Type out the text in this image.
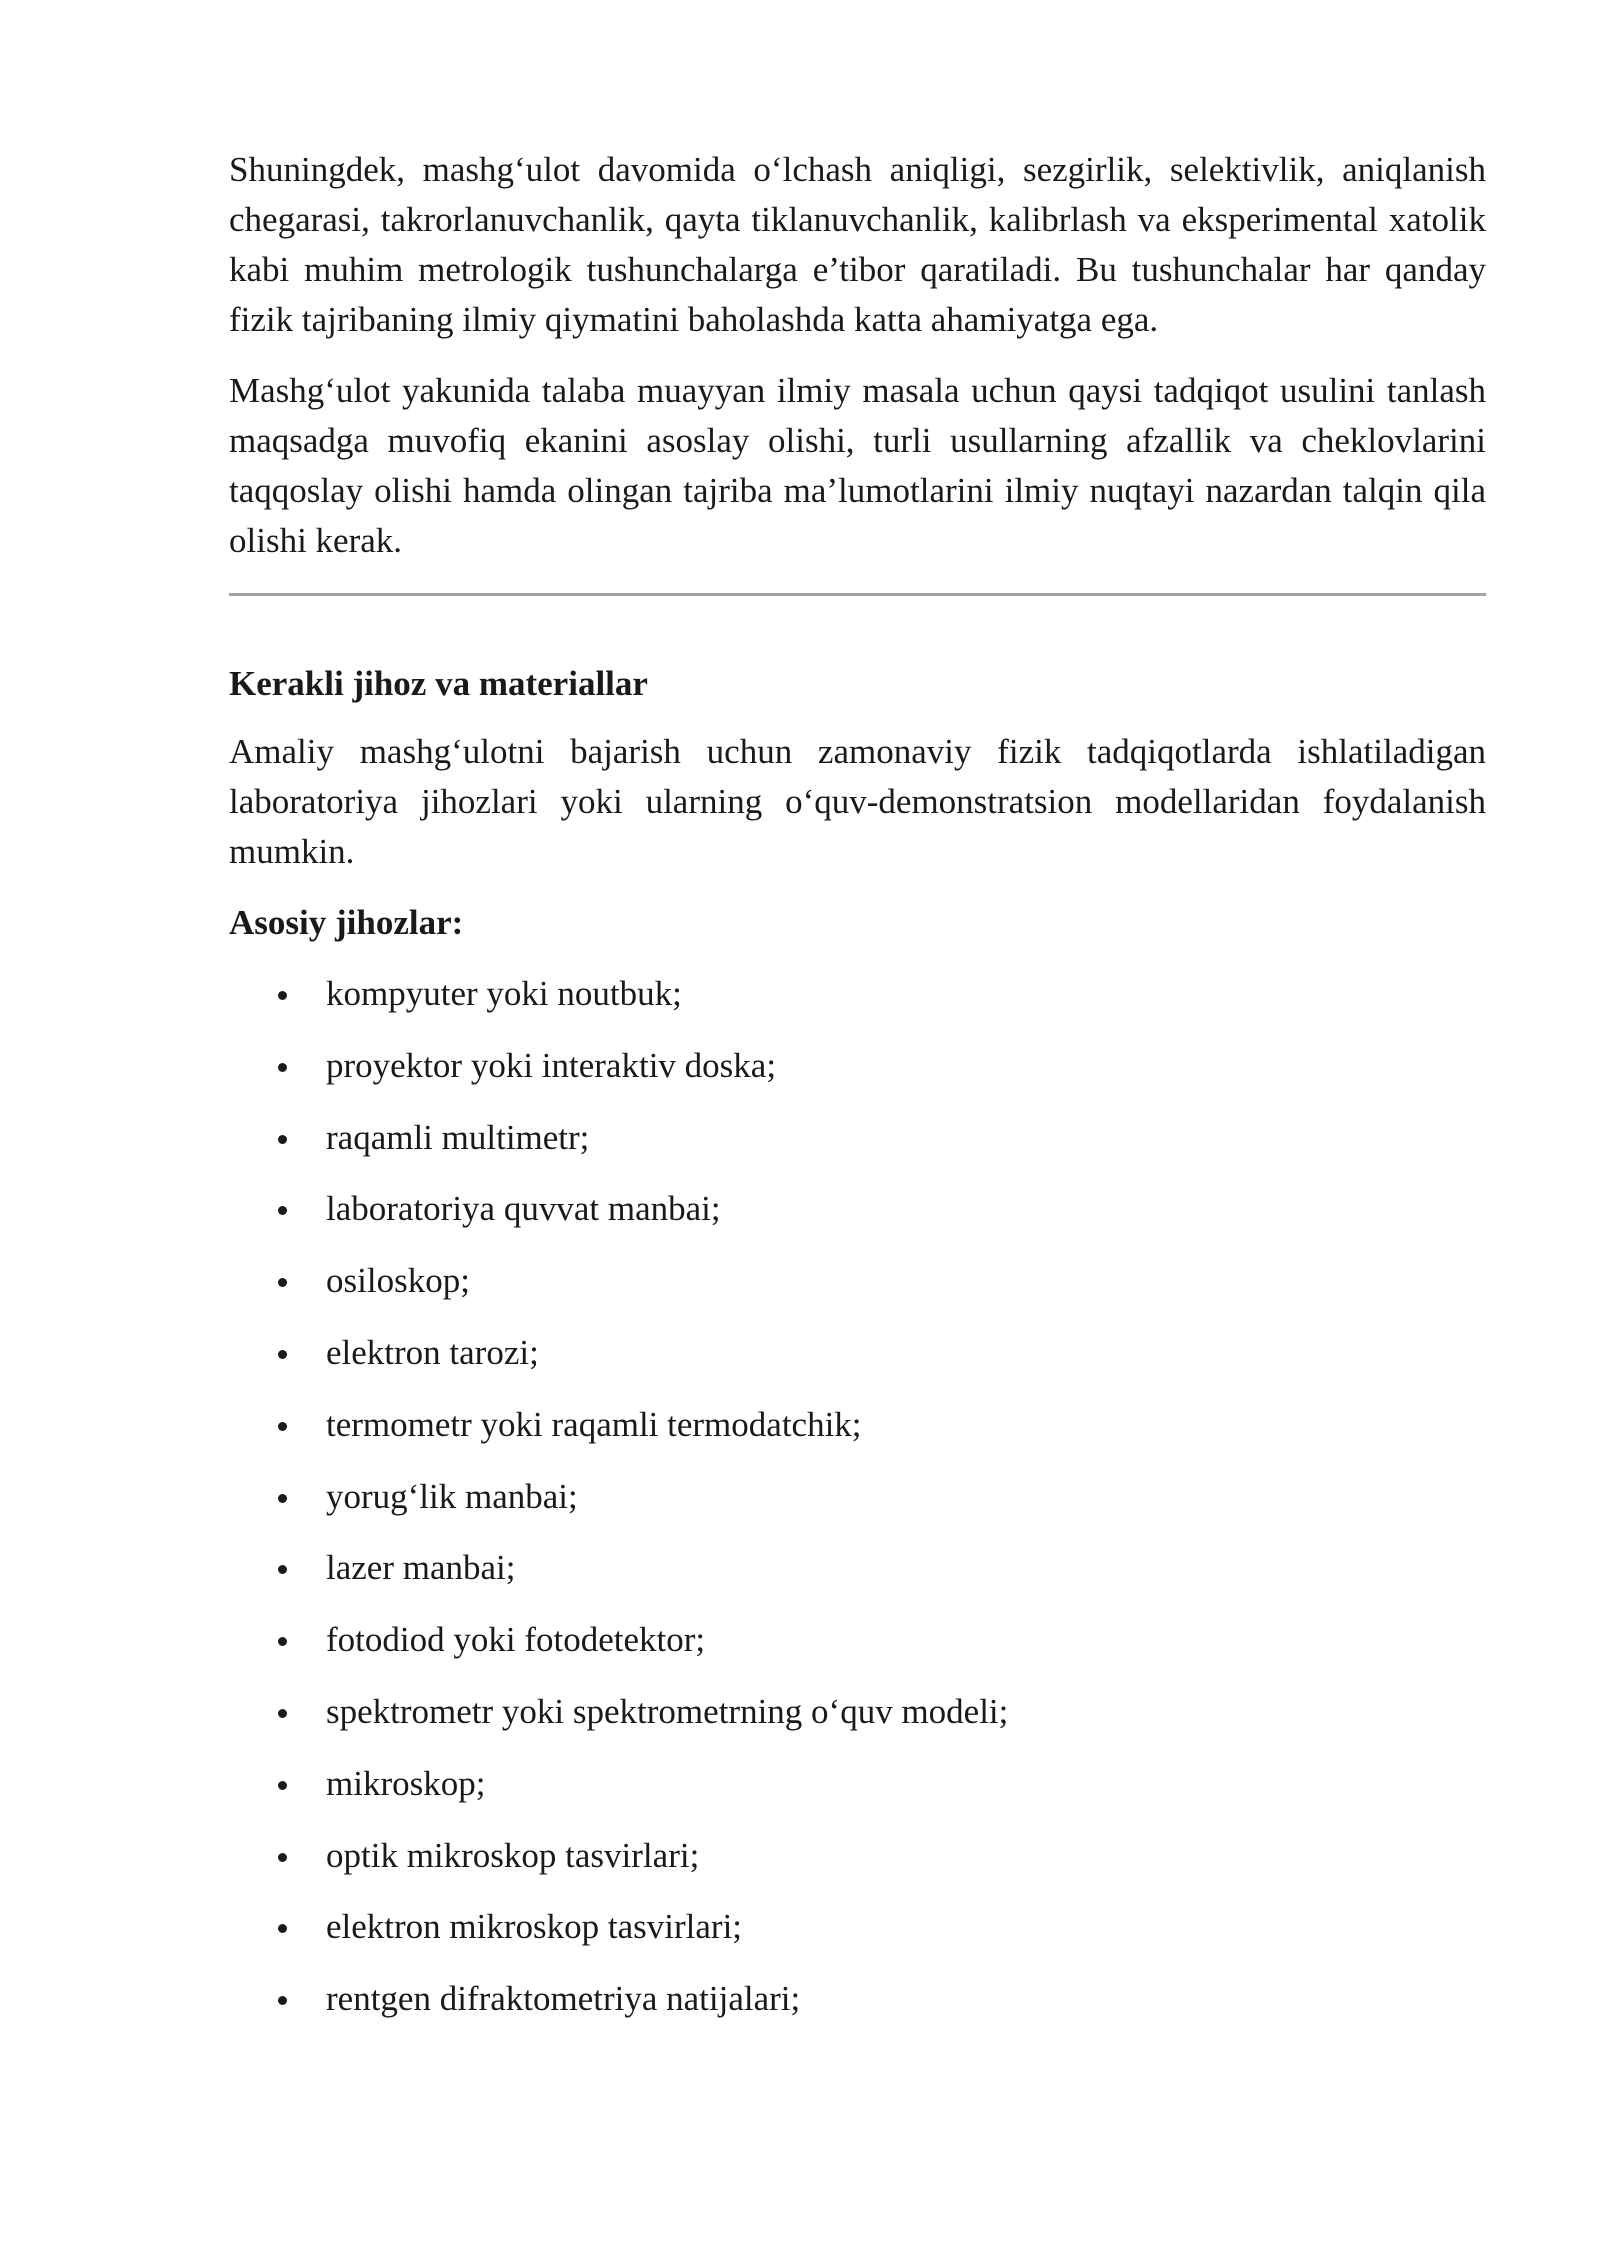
Shuningdek, mashg‘ulot davomida o‘lchash aniqligi, sezgirlik, selektivlik, aniqlanish chegarasi, takrorlanuvchanlik, qayta tiklanuvchanlik, kalibrlash va eksperimental xatolik kabi muhim metrologik tushunchalarga e’tibor qaratiladi. Bu tushunchalar har qanday fizik tajribaning ilmiy qiymatini baholashda katta ahamiyatga ega.

Mashg‘ulot yakunida talaba muayyan ilmiy masala uchun qaysi tadqiqot usulini tanlash maqsadga muvofiq ekanini asoslay olishi, turli usullarning afzallik va cheklovlarini taqqoslay olishi hamda olingan tajriba ma’lumotlarini ilmiy nuqtayi nazardan talqin qila olishi kerak.

Kerakli jihoz va materiallar

Amaliy mashg‘ulotni bajarish uchun zamonaviy fizik tadqiqotlarda ishlatiladigan laboratoriya jihozlari yoki ularning o‘quv-demonstratsion modellaridan foydalanish mumkin.

Asosiy jihozlar:
kompyuter yoki noutbuk;
proyektor yoki interaktiv doska;
raqamli multimetr;
laboratoriya quvvat manbai;
osiloskop;
elektron tarozi;
termometr yoki raqamli termodatchik;
yorug‘lik manbai;
lazer manbai;
fotodiod yoki fotodetektor;
spektrometr yoki spektrometrning o‘quv modeli;
mikroskop;
optik mikroskop tasvirlari;
elektron mikroskop tasvirlari;
rentgen difraktometriya natijalari;
